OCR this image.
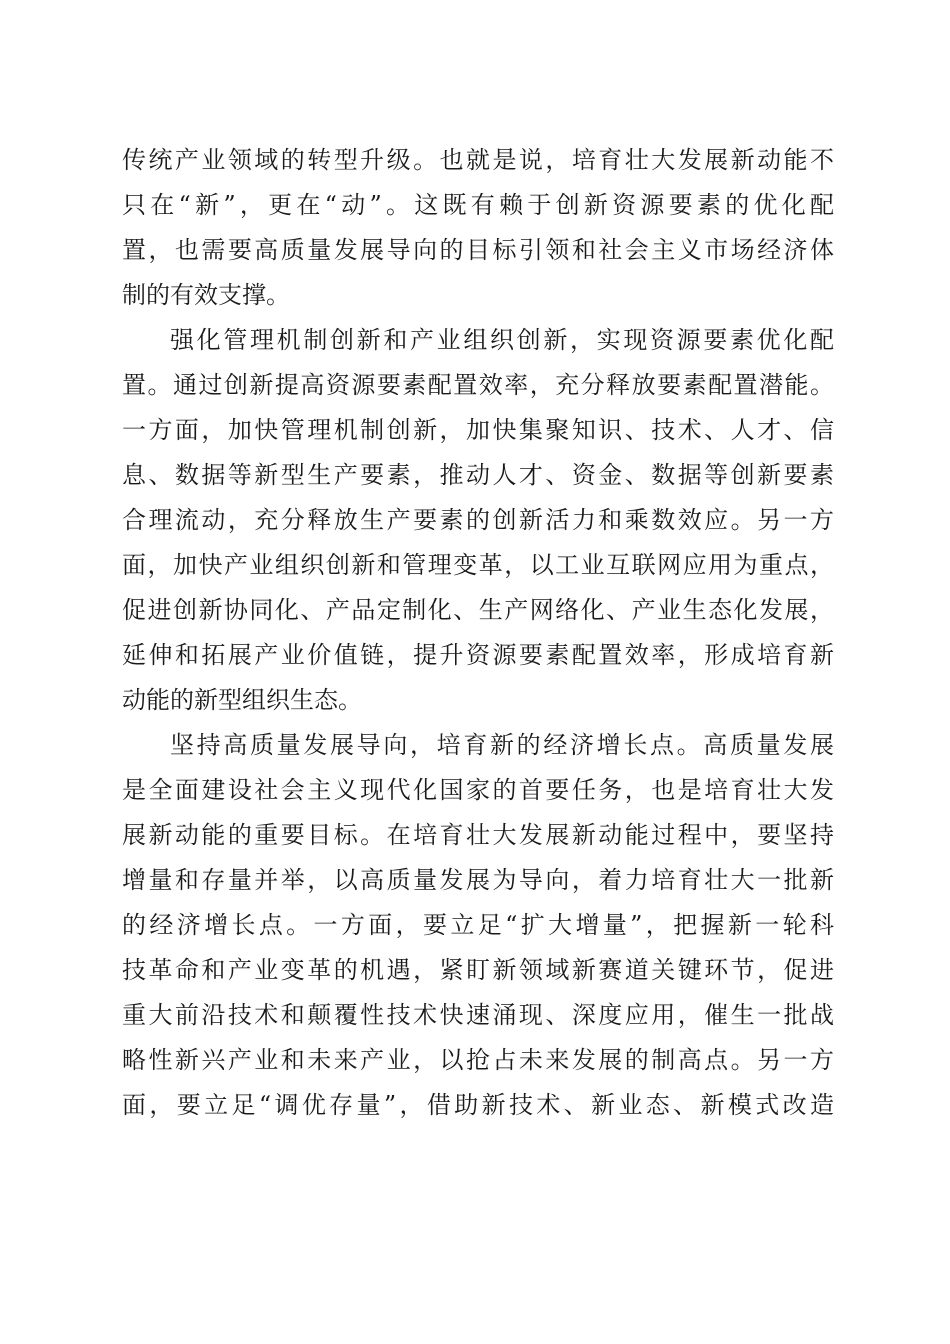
传统产业领域的转型升级。也就是说，培育壮大发展新动能不
只在“新”，更在“动”。这既有赖于创新资源要素的优化配
置，也需要高质量发展导向的目标引领和社会主义市场经济体
制的有效支撑。
强化管理机制创新和产业组织创新，实现资源要素优化配
置。通过创新提高资源要素配置效率，充分释放要素配置潜能。
一方面，加快管理机制创新，加快集聚知识、技术、人才、信
息、数据等新型生产要素，推动人才、资金、数据等创新要素
合理流动，充分释放生产要素的创新活力和乘数效应。另一方
面，加快产业组织创新和管理变革，以工业互联网应用为重点，
促进创新协同化、产品定制化、生产网络化、产业生态化发展，
延伸和拓展产业价值链，提升资源要素配置效率，形成培育新
动能的新型组织生态。
坚持高质量发展导向，培育新的经济增长点。高质量发展
是全面建设社会主义现代化国家的首要任务，也是培育壮大发
展新动能的重要目标。在培育壮大发展新动能过程中，要坚持
增量和存量并举，以高质量发展为导向，着力培育壮大一批新
的经济增长点。一方面，要立足“扩大增量”，把握新一轮科
技革命和产业变革的机遇，紧盯新领域新赛道关键环节，促进
重大前沿技术和颠覆性技术快速涌现、深度应用，催生一批战
略性新兴产业和未来产业，以抢占未来发展的制高点。另一方
面，要立足“调优存量”，借助新技术、新业态、新模式改造
